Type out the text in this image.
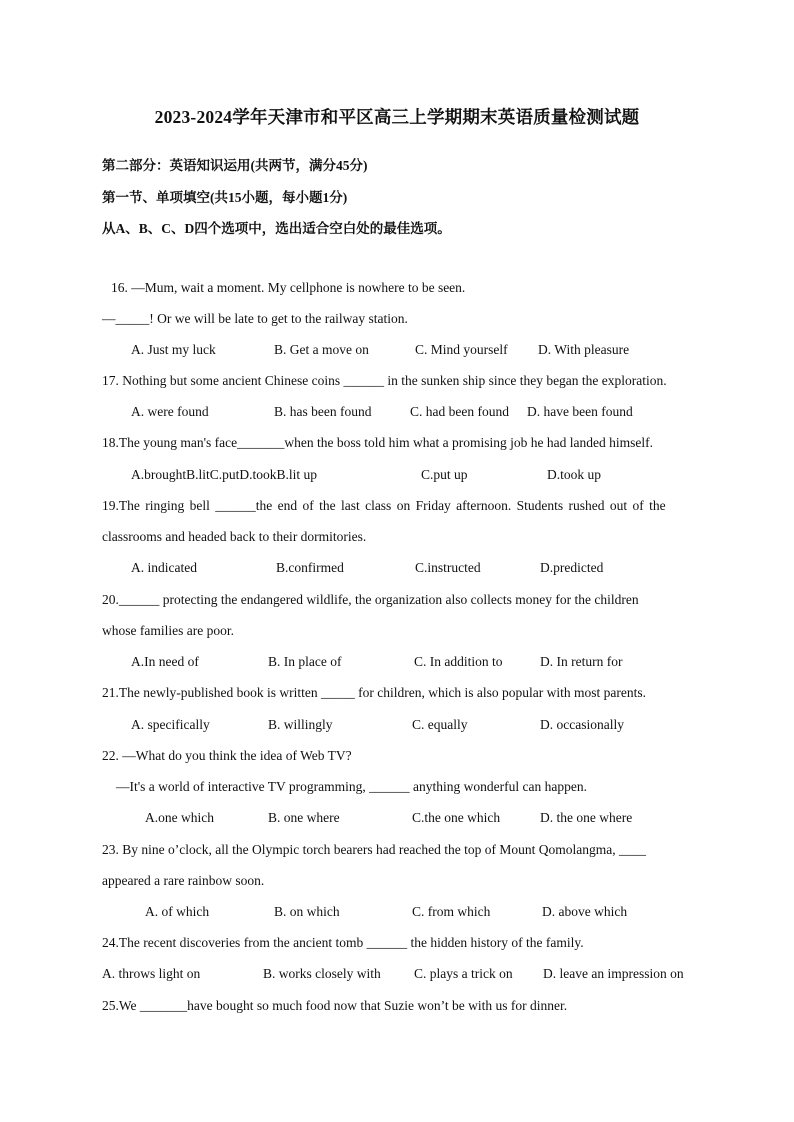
2023-2024学年天津市和平区高三上学期期末英语质量检测试题
第二部分：英语知识运用(共两节，满分45分)
第一节、单项填空(共15小题，每小题1分)
从A、B、C、D四个选项中，选出适合空白处的最佳选项。
16. —Mum, wait a moment. My cellphone is nowhere to be seen.
—_____! Or we will be late to get to the railway station.
A. Just my luck	B. Get a move on	C. Mind yourself D. With pleasure
17. Nothing but some ancient Chinese coins ______ in the sunken ship since they began the exploration.
A. were found	B. has been found	C. had been found D. have been found
18.The young man's face_______when the boss told him what a promising job he had landed himself.
A.broughtB.litC.putD.tookB.lit up	C.put up	D.took up
19.The ringing bell ______the end of the last class on Friday afternoon. Students rushed out of the
classrooms and headed back to their dormitories.
A. indicated	B.confirmed	C.instructed	D.predicted
20.______ protecting the endangered wildlife, the organization also collects money for the children
whose families are poor.
A.In need of	B. In place of	C. In addition to	D. In return for
21.The newly-published book is written _____ for children, which is also popular with most parents.
A. specifically	B. willingly	C. equally	D. occasionally
22. —What do you think the idea of Web TV?
—It's a world of interactive TV programming, ______ anything wonderful can happen.
A.one which	B. one where	C.the one which	D. the one where
23. By nine o’clock, all the Olympic torch bearers had reached the top of Mount Qomolangma, ____
appeared a rare rainbow soon.
A. of which	B. on which	C. from which	D. above which
24.The recent discoveries from the ancient tomb ______ the hidden history of the family.
A. throws light on	B. works closely with C. plays a trick on D. leave an impression on
25.We _______have bought so much food now that Suzie won’t be with us for dinner.
